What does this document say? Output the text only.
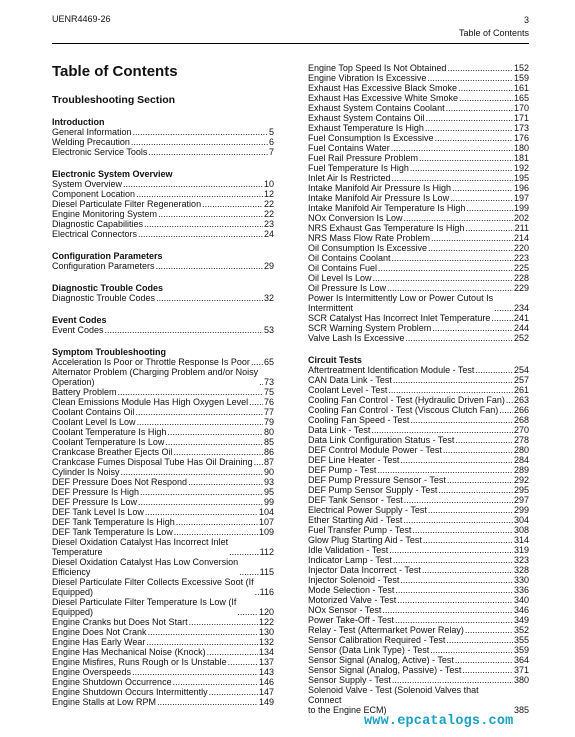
UENR4469-26	3
Table of Contents
Table of Contents
Troubleshooting Section
Introduction
General Information .....	5
Welding Precaution .....	6
Electronic Service Tools .....	7
Electronic System Overview
System Overview .....	10
Component Location .....	12
Diesel Particulate Filter Regeneration .....	22
Engine Monitoring System .....	22
Diagnostic Capabilities .....	23
Electrical Connectors .....	24
Configuration Parameters
Configuration Parameters .....	29
Diagnostic Trouble Codes
Diagnostic Trouble Codes .....	32
Event Codes
Event Codes .....	53
Symptom Troubleshooting
Acceleration Is Poor or Throttle Response Is Poor ..... 65
Alternator Problem (Charging Problem and/or Noisy
Operation) .....	73
Battery Problem .....	75
Clean Emissions Module Has High Oxygen Level ..... 76
Coolant Contains Oil .....	77
Coolant Level Is Low .....	79
Coolant Temperature Is High .....	80
Coolant Temperature Is Low .....	85
Crankcase Breather Ejects Oil .....	86
Crankcase Fumes Disposal Tube Has Oil Draining ..... 87
Cylinder Is Noisy .....	90
DEF Pressure Does Not Respond .....	93
DEF Pressure Is High .....	95
DEF Pressure Is Low .....	99
DEF Tank Level Is Low .....	104
DEF Tank Temperature Is High .....	107
DEF Tank Temperature Is Low .....	109
Diesel Oxidation Catalyst Has Incorrect Inlet
Temperature .....	112
Diesel Oxidation Catalyst Has Low Conversion
Efficiency .....	115
Diesel Particulate Filter Collects Excessive Soot (If
Equipped) .....	116
Diesel Particulate Filter Temperature Is Low (If
Equipped) .....	120
Engine Cranks but Does Not Start .....	122
Engine Does Not Crank .....	130
Engine Has Early Wear .....	132
Engine Has Mechanical Noise (Knock) .....	134
Engine Misfires, Runs Rough or Is Unstable .....	137
Engine Overspeeds .....	143
Engine Shutdown Occurrence .....	146
Engine Shutdown Occurs Intermittently .....	147
Engine Stalls at Low RPM .....	149
Engine Top Speed Is Not Obtained .....	152
Engine Vibration Is Excessive .....	159
Exhaust Has Excessive Black Smoke .....	161
Exhaust Has Excessive White Smoke .....	165
Exhaust System Contains Coolant .....	170
Exhaust System Contains Oil .....	171
Exhaust Temperature Is High .....	173
Fuel Consumption Is Excessive .....	176
Fuel Contains Water .....	180
Fuel Rail Pressure Problem .....	181
Fuel Temperature Is High .....	192
Inlet Air Is Restricted .....	195
Intake Manifold Air Pressure Is High .....	196
Intake Manifold Air Pressure Is Low .....	197
Intake Manifold Air Temperature Is High .....	199
NOx Conversion Is Low .....	202
NRS Exhaust Gas Temperature Is High .....	211
NRS Mass Flow Rate Problem .....	214
Oil Consumption Is Excessive .....	220
Oil Contains Coolant .....	223
Oil Contains Fuel .....	225
Oil Level Is Low .....	228
Oil Pressure Is Low .....	229
Power Is Intermittently Low or Power Cutout Is
Intermittent .....	234
SCR Catalyst Has Incorrect Inlet Temperature .....	241
SCR Warning System Problem .....	244
Valve Lash Is Excessive .....	252
Circuit Tests
Aftertreatment Identification Module - Test .....	254
CAN Data Link - Test .....	257
Coolant Level - Test .....	261
Cooling Fan Control - Test (Hydraulic Driven Fan) ..... 263
Cooling Fan Control - Test (Viscous Clutch Fan) ..... 266
Cooling Fan Speed - Test .....	268
Data Link - Test .....	270
Data Link Configuration Status - Test .....	278
DEF Control Module Power - Test .....	280
DEF Line Heater - Test .....	284
DEF Pump - Test .....	289
DEF Pump Pressure Sensor - Test .....	292
DEF Pump Sensor Supply - Test .....	295
DEF Tank Sensor - Test .....	297
Electrical Power Supply - Test .....	299
Ether Starting Aid - Test .....	304
Fuel Transfer Pump - Test .....	308
Glow Plug Starting Aid - Test .....	314
Idle Validation - Test .....	319
Indicator Lamp - Test .....	323
Injector Data Incorrect - Test .....	328
Injector Solenoid - Test .....	330
Mode Selection - Test .....	336
Motorized Valve - Test .....	340
NOx Sensor - Test .....	346
Power Take-Off - Test .....	349
Relay - Test (Aftermarket Power Relay) .....	352
Sensor Calibration Required - Test .....	355
Sensor (Data Link Type) - Test .....	359
Sensor Signal (Analog, Active) - Test .....	364
Sensor Signal (Analog, Passive) - Test .....	371
Sensor Supply - Test .....	380
Solenoid Valve - Test (Solenoid Valves that Connect
to the Engine ECM)	385
www.epcatalogs.com
